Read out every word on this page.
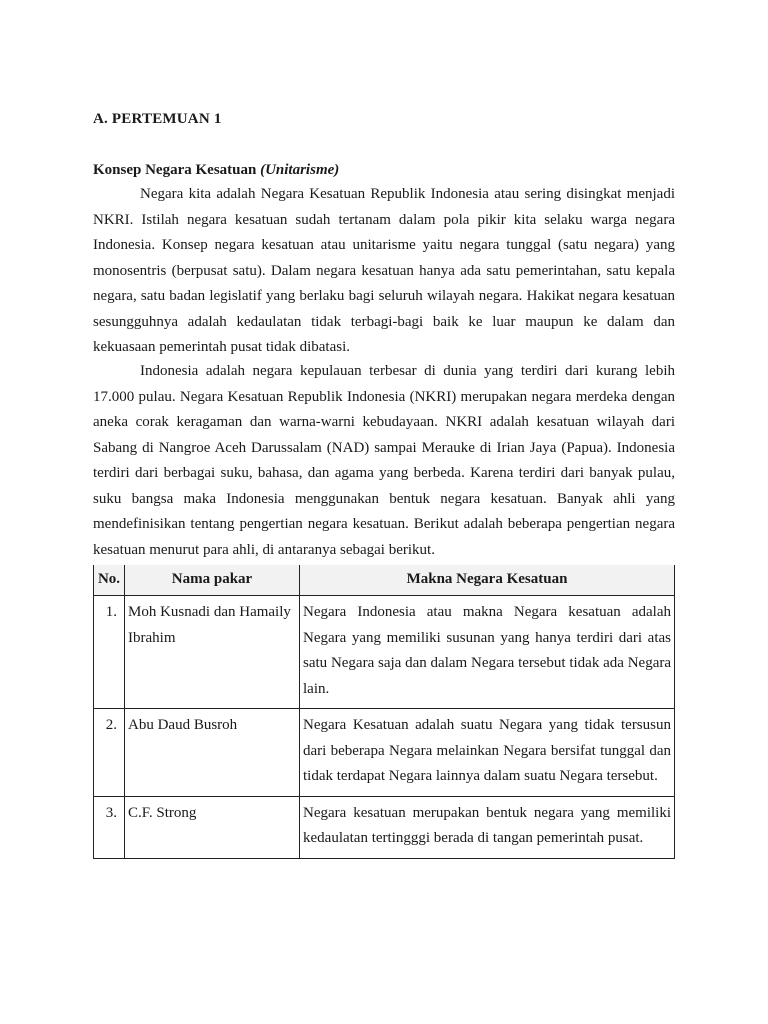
A. PERTEMUAN 1
Konsep Negara Kesatuan (Unitarisme)

Negara kita adalah Negara Kesatuan Republik Indonesia atau sering disingkat menjadi NKRI. Istilah negara kesatuan sudah tertanam dalam pola pikir kita selaku warga negara Indonesia. Konsep negara kesatuan atau unitarisme yaitu negara tunggal (satu negara) yang monosentris (berpusat satu). Dalam negara kesatuan hanya ada satu pemerintahan, satu kepala negara, satu badan legislatif yang berlaku bagi seluruh wilayah negara. Hakikat negara kesatuan sesungguhnya adalah kedaulatan tidak terbagi-bagi baik ke luar maupun ke dalam dan kekuasaan pemerintah pusat tidak dibatasi.

Indonesia adalah negara kepulauan terbesar di dunia yang terdiri dari kurang lebih 17.000 pulau. Negara Kesatuan Republik Indonesia (NKRI) merupakan negara merdeka dengan aneka corak keragaman dan warna-warni kebudayaan. NKRI adalah kesatuan wilayah dari Sabang di Nangroe Aceh Darussalam (NAD) sampai Merauke di Irian Jaya (Papua). Indonesia terdiri dari berbagai suku, bahasa, dan agama yang berbeda. Karena terdiri dari banyak pulau, suku bangsa maka Indonesia menggunakan bentuk negara kesatuan. Banyak ahli yang mendefinisikan tentang pengertian negara kesatuan. Berikut adalah beberapa pengertian negara kesatuan menurut para ahli, di antaranya sebagai berikut.

No.	Nama pakar	Makna Negara Kesatuan
1.	Moh Kusnadi dan Hamaily Ibrahim	Negara Indonesia atau makna Negara kesatuan adalah Negara yang memiliki susunan yang hanya terdiri dari atas satu Negara saja dan dalam Negara tersebut tidak ada Negara lain.
2.	Abu Daud Busroh	Negara Kesatuan adalah suatu Negara yang tidak tersusun dari beberapa Negara melainkan Negara bersifat tunggal dan tidak terdapat Negara lainnya dalam suatu Negara tersebut.
3.	C.F. Strong	Negara kesatuan merupakan bentuk negara yang memiliki kedaulatan tertingggi berada di tangan pemerintah pusat.
